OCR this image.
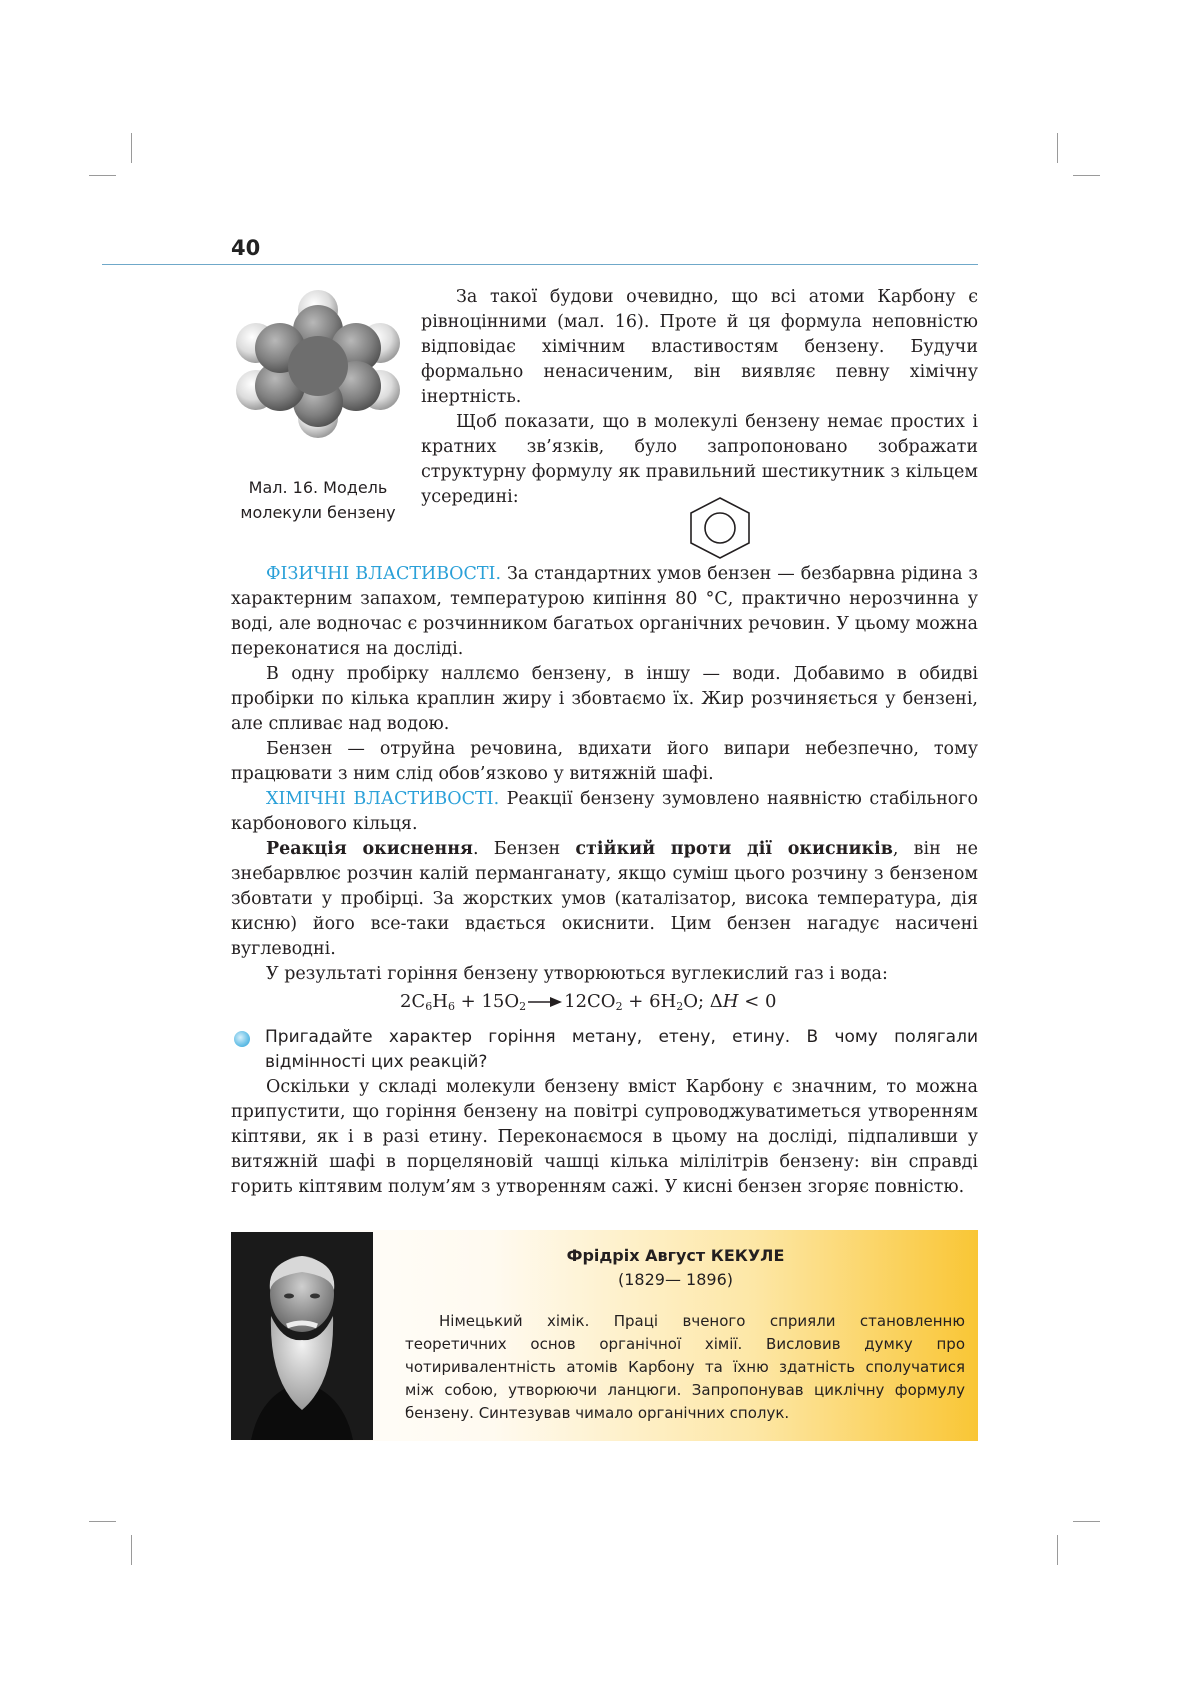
40
Мал. 16. Модель
молекули бензену

За такої будови очевидно, що всі атоми Карбону є рівноцінними (мал. 16). Проте й ця формула неповністю відповідає хімічним властивостям бензену. Будучи формально ненасиченим, він виявляє певну хімічну інертність.

Щоб показати, що в молекулі бензену немає простих і кратних зв’язків, було запропоновано зображати структурну формулу як правильний шестикутник з кільцем усередині:

ФІЗИЧНІ ВЛАСТИВОСТІ. За стандартних умов бензен — безбарвна рідина з характерним запахом, температурою кипіння 80 °С, практично нерозчинна у воді, але водночас є розчинником багатьох органічних речовин. У цьому можна переконатися на досліді.

В одну пробірку наллємо бензену, в іншу — води. Добавимо в обидві пробірки по кілька краплин жиру і збовтаємо їх. Жир розчиняється у бензені, але спливає над водою.

Бензен — отруйна речовина, вдихати його випари небезпечно, тому працювати з ним слід обов’язково у витяжній шафі.

ХІМІЧНІ ВЛАСТИВОСТІ. Реакції бензену зумовлено наявністю стабільного карбонового кільця.

Реакція окиснення. Бензен стійкий проти дії окисників, він не знебарвлює розчин калій перманганату, якщо суміш цього розчину з бензеном збовтати у пробірці. За жорстких умов (каталізатор, висока температура, дія кисню) його все-таки вдається окиснити. Цим бензен нагадує насичені вуглеводні.

У результаті горіння бензену утворюються вуглекислий газ і вода:

$2C_6H_6 + 15O_2 \to 12CO_2 + 6H_2O$; ΔH < 0

Пригадайте характер горіння метану, етену, етину. В чому полягали відмінності цих реакцій?

Оскільки у складі молекули бензену вміст Карбону є значним, то можна припустити, що горіння бензену на повітрі супроводжуватиметься утворенням кіптяви, як і в разі етину. Переконаємося в цьому на досліді, підпаливши у витяжній шафі в порцеляновій чашці кілька мілілітрів бензену: він справді горить кіптявим полум’ям з утворенням сажі. У кисні бензен згоряє повністю.

Фрідріх Август КЕКУЛЕ
(1829— 1896)

Німецький хімік. Праці вченого сприяли становленню теоретичних основ органічної хімії. Висловив думку про чотиривалентність атомів Карбону та їхню здатність сполучатися між собою, утворюючи ланцюги. Запропонував циклічну формулу бензену. Синтезував чимало органічних сполук.
